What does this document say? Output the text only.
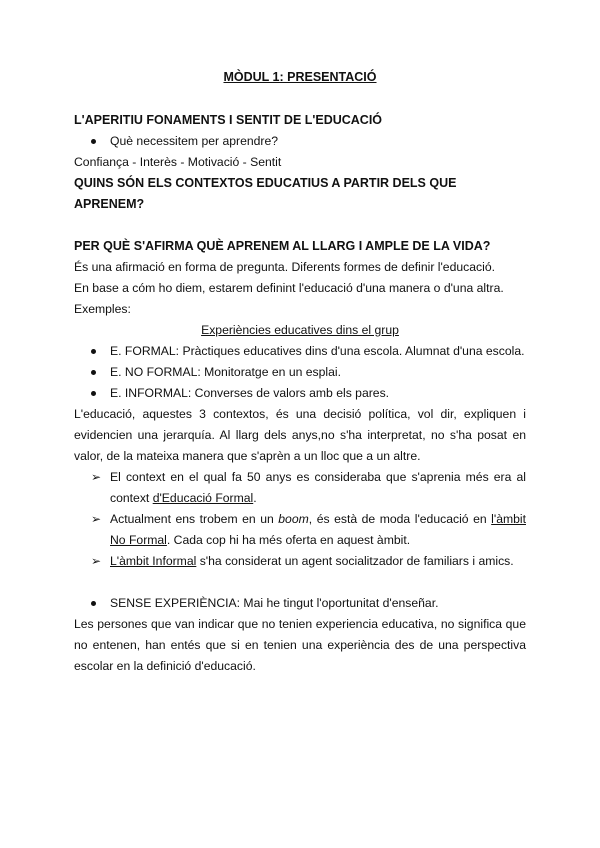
MÒDUL 1: PRESENTACIÓ

L'APERITIU FONAMENTS I SENTIT DE L'EDUCACIÓ

Què necessitem per aprendre?

Confiança - Interès - Motivació - Sentit

QUINS SÓN ELS CONTEXTOS EDUCATIUS A PARTIR DELS QUE APRENEM?

PER QUÈ S'AFIRMA QUÈ APRENEM AL LLARG I AMPLE DE LA VIDA?

És una afirmació en forma de pregunta. Diferents formes de definir l'educació.

En base a cóm ho diem, estarem definint l'educació d'una manera o d'una altra.

Exemples:

Experiències educatives dins el grup

E. FORMAL: Pràctiques educatives dins d'una escola. Alumnat d'una escola.

E. NO FORMAL: Monitoratge en un esplai.

E. INFORMAL: Converses de valors amb els pares.

L'educació, aquestes 3 contextos, és una decisió política, vol dir, expliquen i evidencien una jerarquía. Al llarg dels anys,no s'ha interpretat, no s'ha posat en valor, de la mateixa manera que s'aprèn a un lloc que a un altre.

➢ El context en el qual fa 50 anys es consideraba que s'aprenia més era al context d'Educació Formal.

➢ Actualment ens trobem en un boom, és està de moda l'educació en l'àmbit No Formal. Cada cop hi ha més oferta en aquest àmbit.

➢ L'àmbit Informal s'ha considerat un agent socialitzador de familiars i amics.

SENSE EXPERIÈNCIA: Mai he tingut l'oportunitat d'enseñar.

Les persones que van indicar que no tenien experiencia educativa, no significa que no entenen, han entés que si en tenien una experiència des de una perspectiva escolar en la definició d'educació.
